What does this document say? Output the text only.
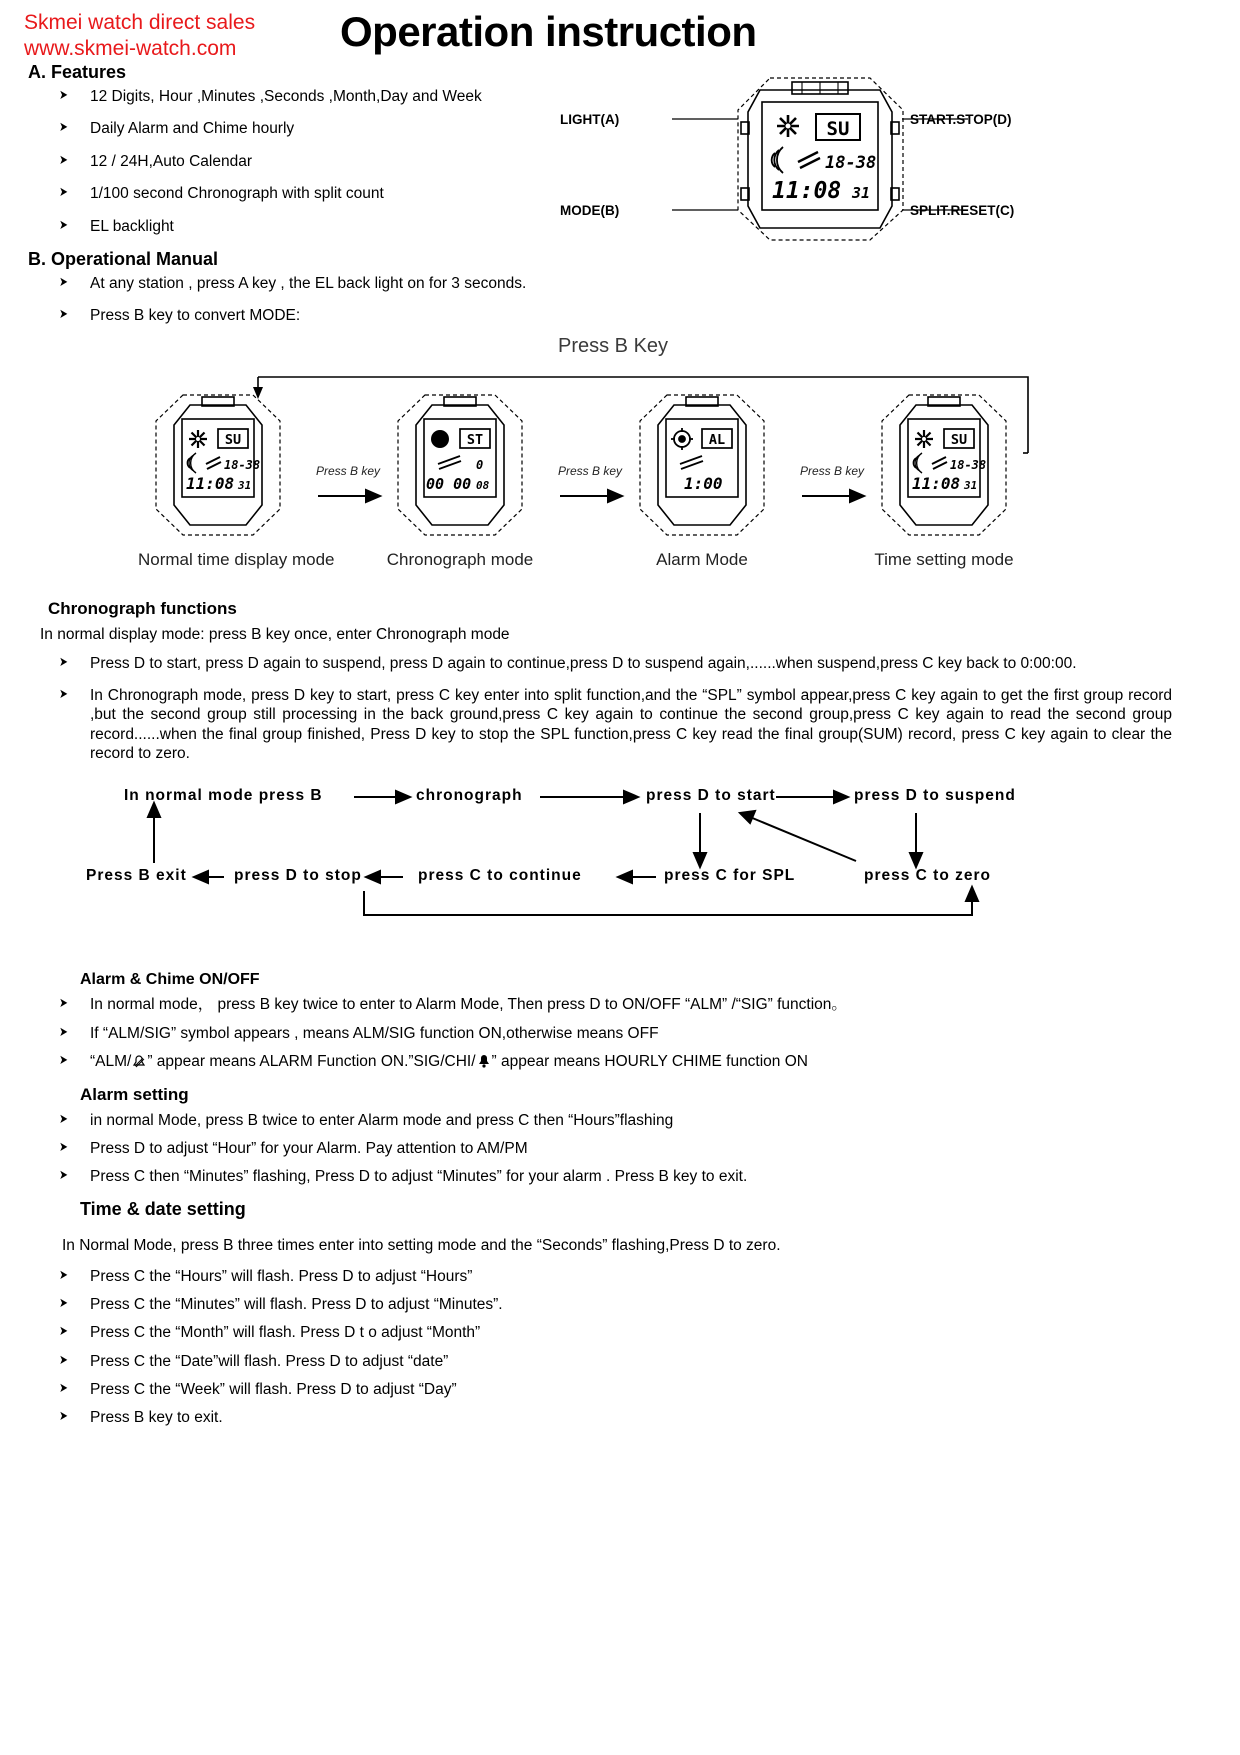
Skmei watch direct sales
www.skmei-watch.com	Operation instruction
LIGHT(A)
MODE(B)
START.STOP(D)
SPLIT.RESET(C)
SU
18-38
11:08 31
A. Features
➤ 12 Digits, Hour ,Minutes ,Seconds ,Month,Day and Week
➤ Daily Alarm and Chime hourly
➤ 12 / 24H,Auto Calendar
➤ 1/100 second Chronograph with split count
➤ EL backlight
B. Operational Manual
➤ At any station , press A key , the EL back light on for 3 seconds.
➤ Press B key to convert MODE:
Press B Key
SU
18-38
11:08 31
Normal time display mode
ST
0
00 00 08
Chronograph mode
AL
1:00
Alarm Mode
SU
18-38
11:08 31
Time setting mode
Press B key	Press B key	Press B key
Chronograph functions
In normal display mode: press B key once, enter Chronograph mode
➤ Press D to start, press D again to suspend, press D again to continue,press D to suspend again,......when suspend,press C key back to 0:00:00.
➤ In Chronograph mode, press D key to start, press C key enter into split function,and the “SPL” symbol appear,press C key again to get the first group record ,but the second group still processing in the back ground,press C key again to continue the second group,press C key again to read the second group record......when the final group finished, Press D key to stop the SPL function,press C key read the final group(SUM) record, press C key again to clear the record to zero.
In normal mode press B	chronograph	press D to start	press D to suspend
Press B exit	press D to stop	press C to continue	press C for SPL	press C to zero
Alarm & Chime ON/OFF
➤ In normal mode， press B key twice to enter to Alarm Mode, Then press D to ON/OFF “ALM” /“SIG” function。
➤ If “ALM/SIG” symbol appears , means ALM/SIG function ON,otherwise means OFF
➤ “ALM/ ” appear means ALARM Function ON.”SIG/CHI/ ” appear means HOURLY CHIME function ON
Alarm setting
➤ in normal Mode, press B twice to enter Alarm mode and press C then “Hours”flashing
➤ Press D to adjust “Hour” for your Alarm. Pay attention to AM/PM
➤ Press C then “Minutes” flashing, Press D to adjust “Minutes” for your alarm . Press B key to exit.
Time & date setting
In Normal Mode, press B three times enter into setting mode and the “Seconds” flashing,Press D to zero.
➤ Press C the “Hours” will flash. Press D to adjust “Hours”
➤ Press C the “Minutes” will flash. Press D to adjust “Minutes”.
➤ Press C the “Month” will flash. Press D t o adjust “Month”
➤ Press C the “Date”will flash. Press D to adjust “date”
➤ Press C the “Week” will flash. Press D to adjust “Day”
➤ Press B key to exit.
